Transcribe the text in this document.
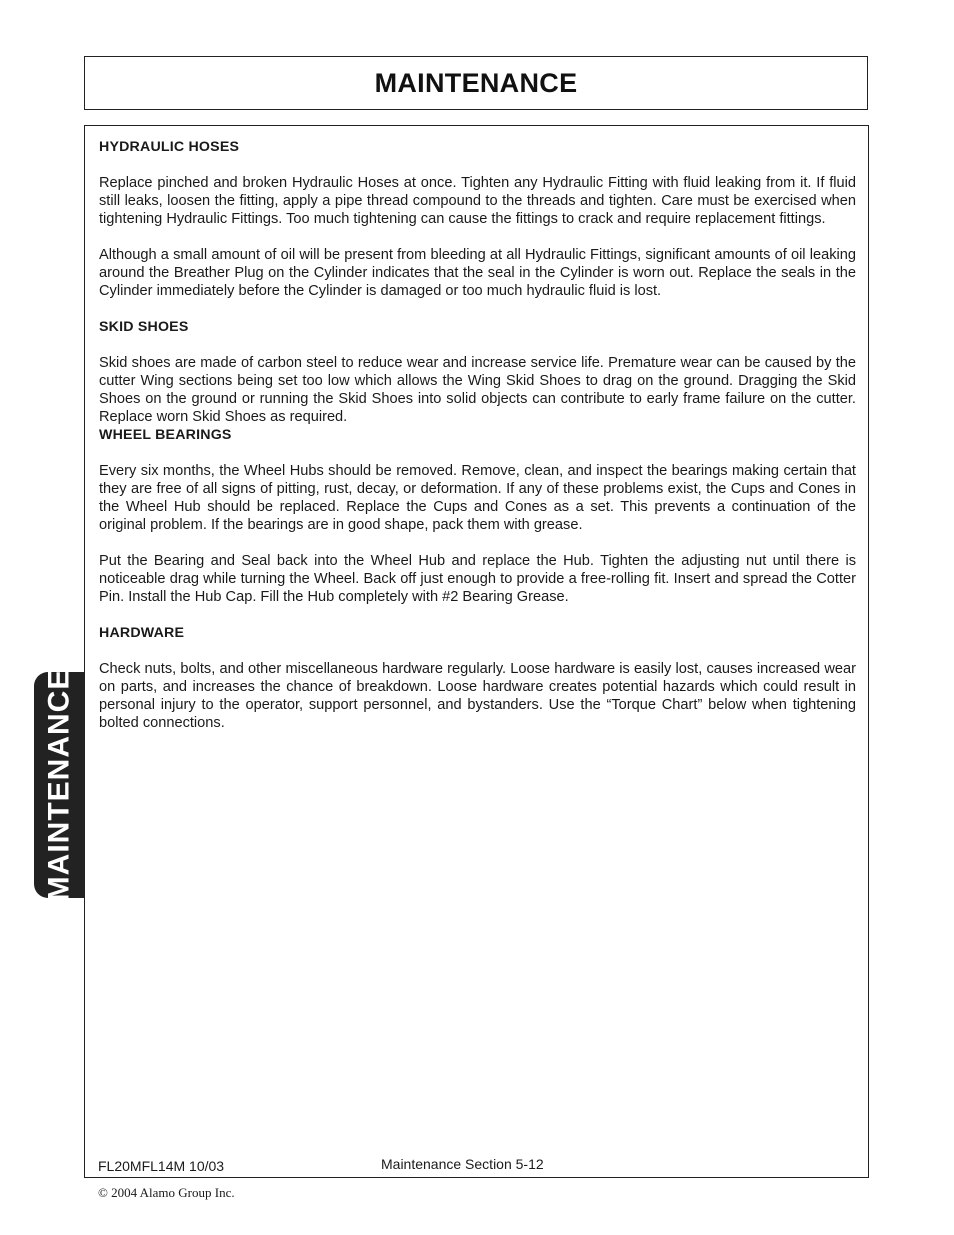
MAINTENANCE
HYDRAULIC HOSES

Replace pinched and broken Hydraulic Hoses at once. Tighten any Hydraulic Fitting with fluid leaking from it. If fluid still leaks, loosen the fitting, apply a pipe thread compound to the threads and tighten. Care must be exercised when tightening Hydraulic Fittings. Too much tightening can cause the fittings to crack and require replacement fittings.

Although a small amount of oil will be present from bleeding at all Hydraulic Fittings, significant amounts of oil leaking around the Breather Plug on the Cylinder indicates that the seal in the Cylinder is worn out. Replace the seals in the Cylinder immediately before the Cylinder is damaged or too much hydraulic fluid is lost.

SKID SHOES

Skid shoes are made of carbon steel to reduce wear and increase service life. Premature wear can be caused by the cutter Wing sections being set too low which allows the Wing Skid Shoes to drag on the ground. Dragging the Skid Shoes on the ground or running the Skid Shoes into solid objects can contribute to early frame failure on the cutter. Replace worn Skid Shoes as required.

WHEEL BEARINGS

Every six months, the Wheel Hubs should be removed. Remove, clean, and inspect the bearings making certain that they are free of all signs of pitting, rust, decay, or deformation. If any of these problems exist, the Cups and Cones in the Wheel Hub should be replaced. Replace the Cups and Cones as a set. This prevents a continuation of the original problem. If the bearings are in good shape, pack them with grease.

Put the Bearing and Seal back into the Wheel Hub and replace the Hub. Tighten the adjusting nut until there is noticeable drag while turning the Wheel. Back off just enough to provide a free-rolling fit. Insert and spread the Cotter Pin. Install the Hub Cap. Fill the Hub completely with #2 Bearing Grease.

HARDWARE

Check nuts, bolts, and other miscellaneous hardware regularly. Loose hardware is easily lost, causes increased wear on parts, and increases the chance of breakdown. Loose hardware creates potential hazards which could result in personal injury to the operator, support personnel, and bystanders. Use the “Torque Chart” below when tightening bolted connections.

MAINTENANCE
FL20MFL14M 10/03	Maintenance Section 5-12
© 2004 Alamo Group Inc.
